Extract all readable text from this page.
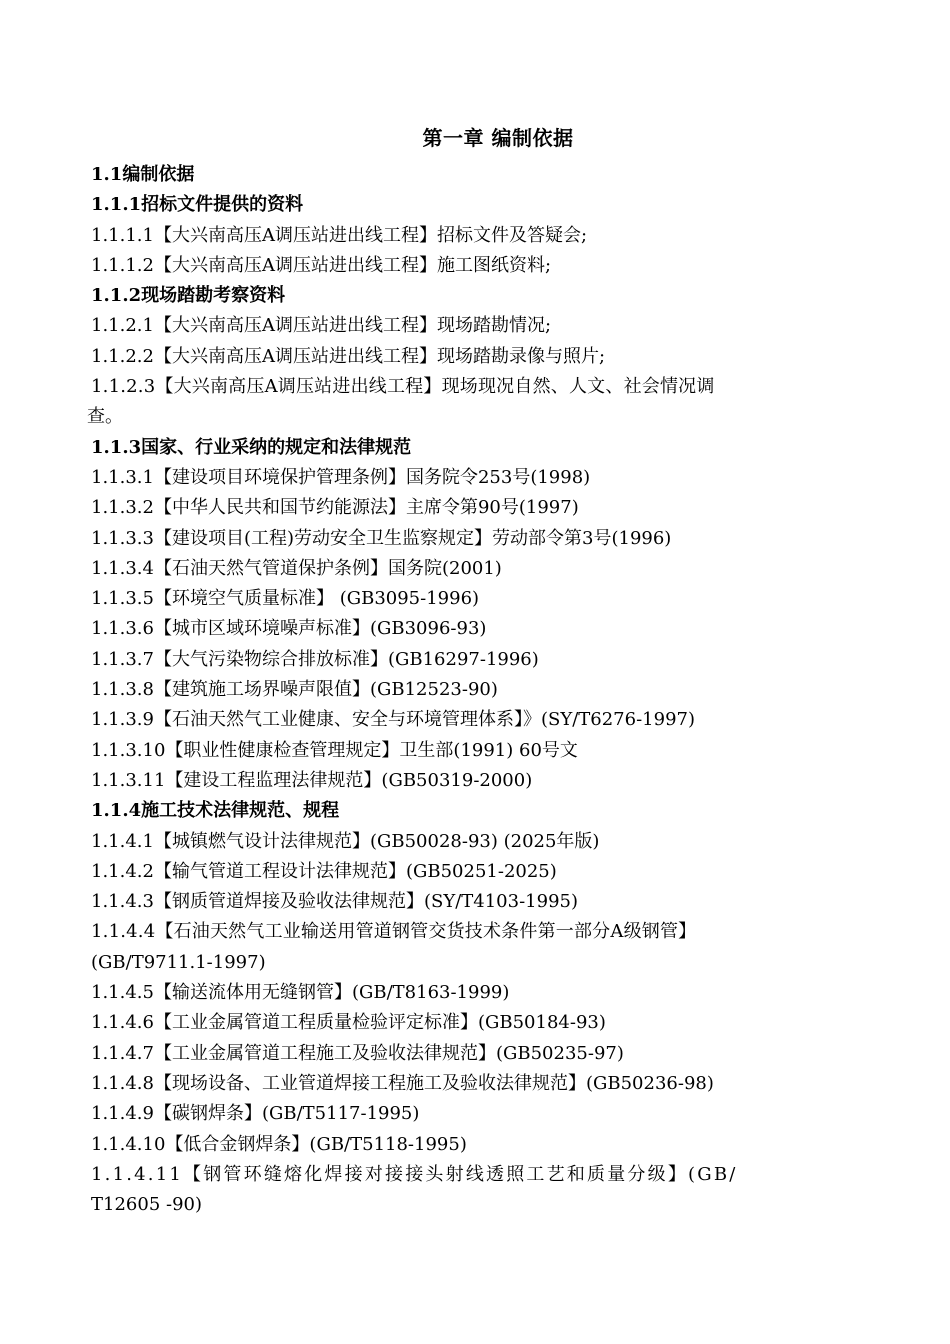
第一章 编制依据
1.1编制依据
1.1.1招标文件提供的资料
1.1.1.1【大兴南高压A调压站进出线工程】招标文件及答疑会;
1.1.1.2【大兴南高压A调压站进出线工程】施工图纸资料;
1.1.2现场踏勘考察资料
1.1.2.1【大兴南高压A调压站进出线工程】现场踏勘情况;
1.1.2.2【大兴南高压A调压站进出线工程】现场踏勘录像与照片;
1.1.2.3【大兴南高压A调压站进出线工程】现场现况自然、人文、社会情况调
查。
1.1.3国家、行业采纳的规定和法律规范
1.1.3.1【建设项目环境保护管理条例】国务院令253号(1998)
1.1.3.2【中华人民共和国节约能源法】主席令第90号(1997)
1.1.3.3【建设项目(工程)劳动安全卫生监察规定】劳动部令第3号(1996)
1.1.3.4【石油天然气管道保护条例】国务院(2001)
1.1.3.5【环境空气质量标准】 (GB3095-1996)
1.1.3.6【城市区域环境噪声标准】(GB3096-93)
1.1.3.7【大气污染物综合排放标准】(GB16297-1996)
1.1.3.8【建筑施工场界噪声限值】(GB12523-90)
1.1.3.9【石油天然气工业健康、安全与环境管理体系】》(SY/T6276-1997)
1.1.3.10【职业性健康检查管理规定】卫生部(1991) 60号文
1.1.3.11【建设工程监理法律规范】(GB50319-2000)
1.1.4施工技术法律规范、规程
1.1.4.1【城镇燃气设计法律规范】(GB50028-93) (2025年版)
1.1.4.2【输气管道工程设计法律规范】(GB50251-2025)
1.1.4.3【钢质管道焊接及验收法律规范】(SY/T4103-1995)
1.1.4.4【石油天然气工业输送用管道钢管交货技术条件第一部分A级钢管】
(GB/T9711.1-1997)
1.1.4.5【输送流体用无缝钢管】(GB/T8163-1999)
1.1.4.6【工业金属管道工程质量检验评定标准】(GB50184-93)
1.1.4.7【工业金属管道工程施工及验收法律规范】(GB50235-97)
1.1.4.8【现场设备、工业管道焊接工程施工及验收法律规范】(GB50236-98)
1.1.4.9【碳钢焊条】(GB/T5117-1995)
1.1.4.10【低合金钢焊条】(GB/T5118-1995)
1.1.4.11【钢管环缝熔化焊接对接接头射线透照工艺和质量分级】(GB/
T12605 -90)
